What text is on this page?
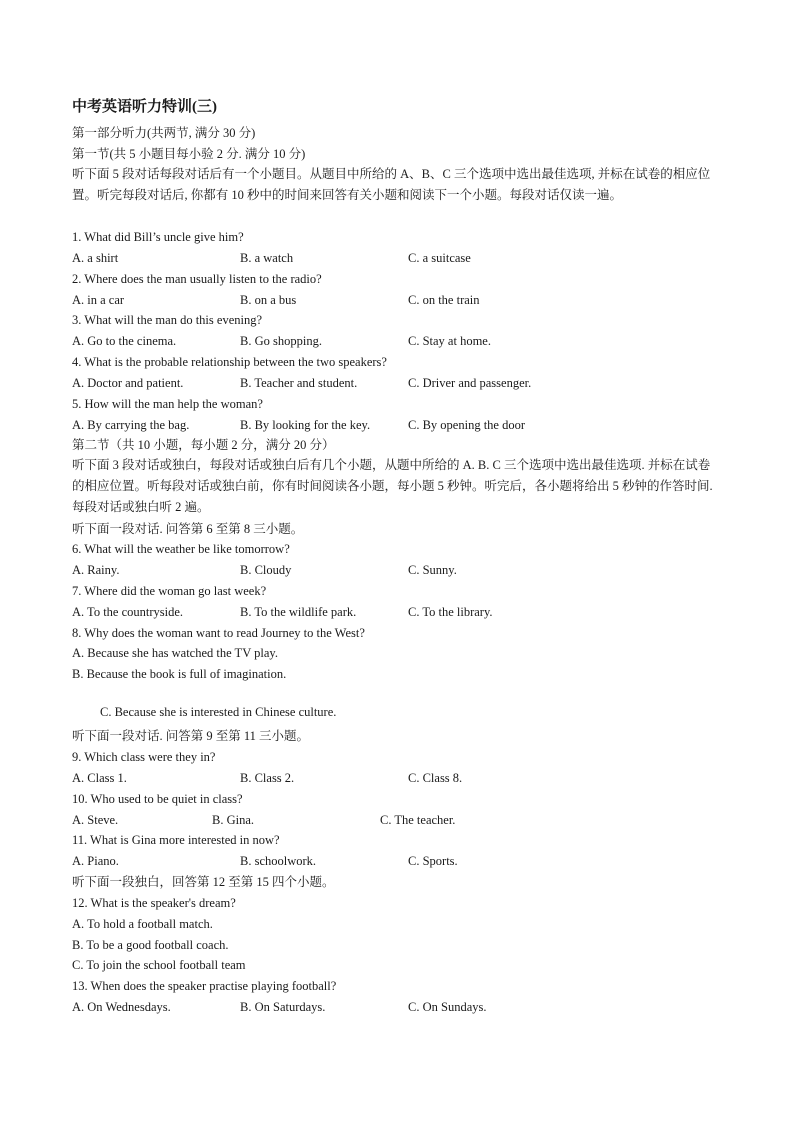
中考英语听力特训(三)
第一部分听力(共两节, 满分 30 分)
第一节(共 5 小题目每小验 2 分. 满分 10 分)
听下面 5 段对话每段对话后有一个小题目。从题目中所给的 A、B、C 三个选项中选出最佳选项, 并标在试卷的相应位置。听完每段对话后, 你都有 10 秒中的时间来回答有关小题和阅读下一个小题。每段对话仅读一遍。
1. What did Bill’s uncle give him?
A. a shirt	B. a watch	C. a suitcase
2. Where does the man usually listen to the radio?
A. in a car	B. on a bus	C. on the train
3. What will the man do this evening?
A. Go to the cinema.	B. Go shopping.	C. Stay at home.
4. What is the probable relationship between the two speakers?
A. Doctor and patient.	B. Teacher and student.	C. Driver and passenger.
5. How will the man help the woman?
A. By carrying the bag.	B. By looking for the key.	C. By opening the door
第二节（共 10 小题，每小题 2 分，满分 20 分）
听下面 3 段对话或独白，每段对话或独白后有几个小题，从题中所给的 A. B. C 三个选项中选出最佳选项. 并标在试卷的相应位置。听每段对话或独白前，你有时间阅读各小题，每小题 5 秒钟。听完后，各小题将给出 5 秒钟的作答时间. 每段对话或独白听 2 遍。
听下面一段对话. 问答第 6 至第 8 三小题。
6. What will the weather be like tomorrow?
A. Rainy.	B. Cloudy	C. Sunny.
7. Where did the woman go last week?
A. To the countryside.	B. To the wildlife park.	C. To the library.
8. Why does the woman want to read Journey to the West?
A. Because she has watched the TV play.
B. Because the book is full of imagination.
C. Because she is interested in Chinese culture.
听下面一段对话. 问答第 9 至第 11 三小题。
9. Which class were they in?
A. Class 1.	B. Class 2.	C. Class 8.
10. Who used to be quiet in class?
A. Steve.	B. Gina.	C. The teacher.
11. What is Gina more interested in now?
A. Piano.	B. schoolwork.	C. Sports.
听下面一段独白，回答第 12 至第 15 四个小题。
12. What is the speaker's dream?
A. To hold a football match.
B. To be a good football coach.
C. To join the school football team
13. When does the speaker practise playing football?
A. On Wednesdays.	B. On Saturdays.	C. On Sundays.
